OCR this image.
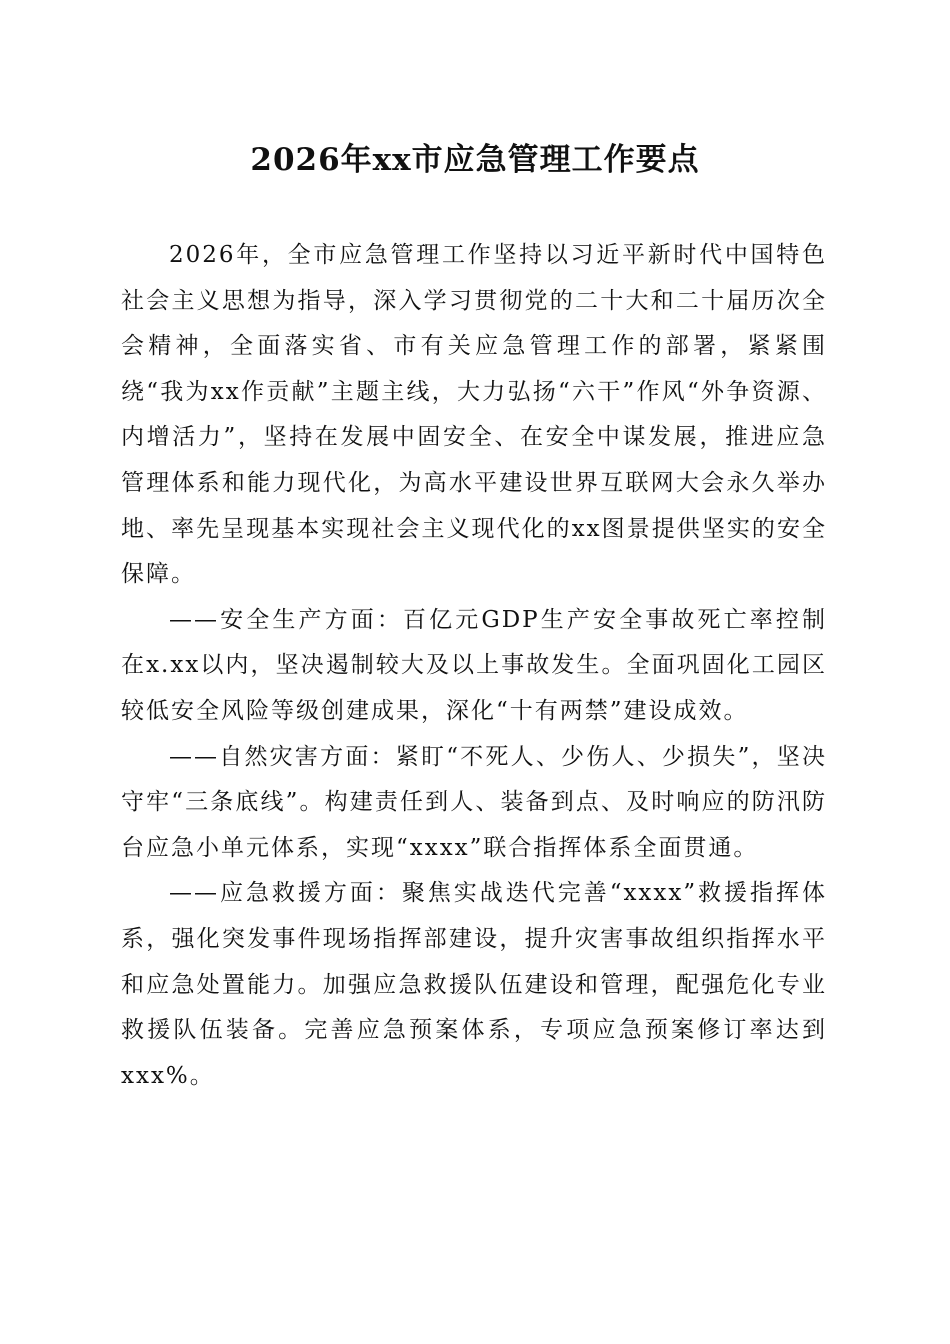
2026年xx市应急管理工作要点

2026年，全市应急管理工作坚持以习近平新时代中国特色社会主义思想为指导，深入学习贯彻党的二十大和二十届历次全会精神，全面落实省、市有关应急管理工作的部署，紧紧围绕“我为xx作贡献”主题主线，大力弘扬“六干”作风“外争资源、内增活力”，坚持在发展中固安全、在安全中谋发展，推进应急管理体系和能力现代化，为高水平建设世界互联网大会永久举办地、率先呈现基本实现社会主义现代化的xx图景提供坚实的安全保障。

——安全生产方面：百亿元GDP生产安全事故死亡率控制在x.xx以内，坚决遏制较大及以上事故发生。全面巩固化工园区较低安全风险等级创建成果，深化“十有两禁”建设成效。

——自然灾害方面：紧盯“不死人、少伤人、少损失”，坚决守牢“三条底线”。构建责任到人、装备到点、及时响应的防汛防台应急小单元体系，实现“xxxx”联合指挥体系全面贯通。

——应急救援方面：聚焦实战迭代完善“xxxx”救援指挥体系，强化突发事件现场指挥部建设，提升灾害事故组织指挥水平和应急处置能力。加强应急救援队伍建设和管理，配强危化专业救援队伍装备。完善应急预案体系，专项应急预案修订率达到xxx%。
